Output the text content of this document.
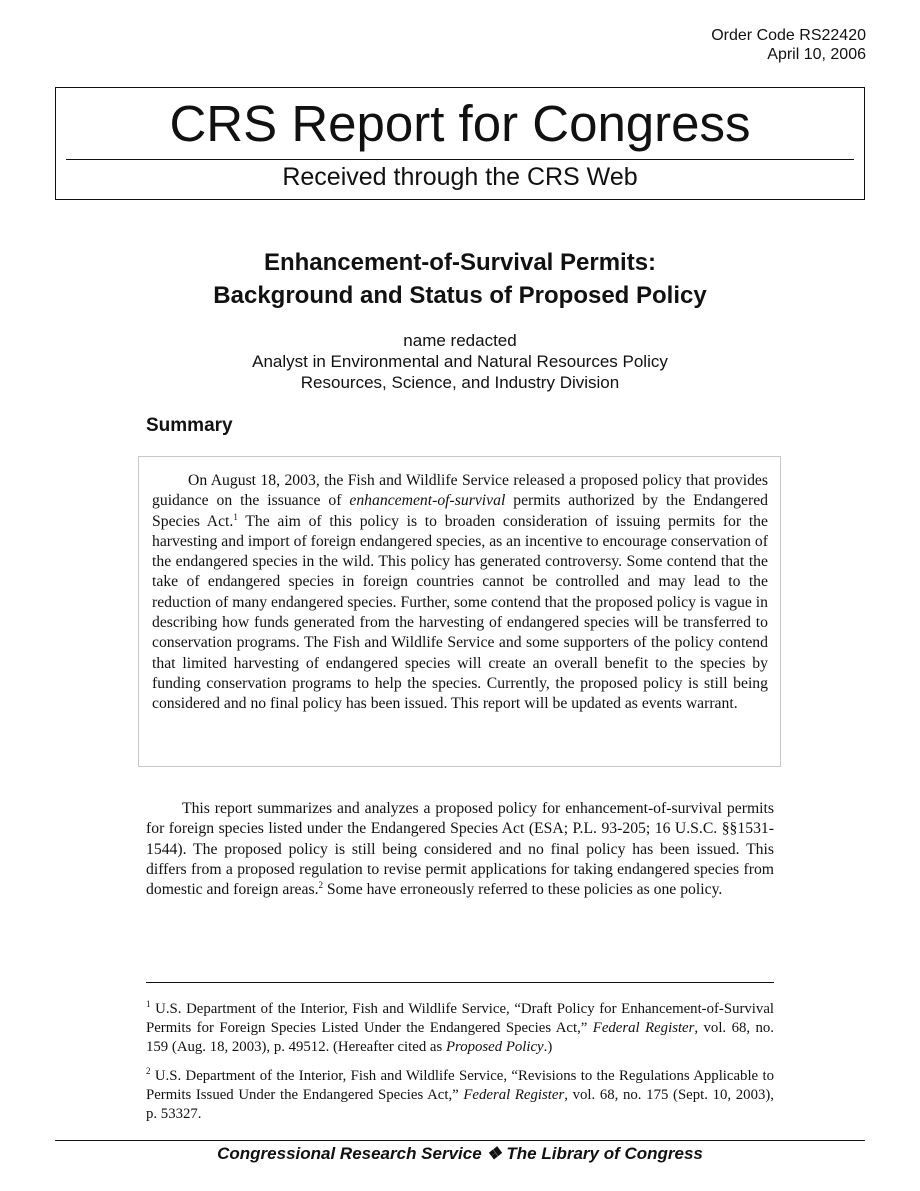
Order Code RS22420
April 10, 2006
CRS Report for Congress
Received through the CRS Web
Enhancement-of-Survival Permits:
Background and Status of Proposed Policy
name redacted
Analyst in Environmental and Natural Resources Policy
Resources, Science, and Industry Division
Summary

On August 18, 2003, the Fish and Wildlife Service released a proposed policy that provides guidance on the issuance of enhancement-of-survival permits authorized by the Endangered Species Act.$^1$ The aim of this policy is to broaden consideration of issuing permits for the harvesting and import of foreign endangered species, as an incentive to encourage conservation of the endangered species in the wild. This policy has generated controversy. Some contend that the take of endangered species in foreign countries cannot be controlled and may lead to the reduction of many endangered species. Further, some contend that the proposed policy is vague in describing how funds generated from the harvesting of endangered species will be transferred to conservation programs. The Fish and Wildlife Service and some supporters of the policy contend that limited harvesting of endangered species will create an overall benefit to the species by funding conservation programs to help the species. Currently, the proposed policy is still being considered and no final policy has been issued. This report will be updated as events warrant.

This report summarizes and analyzes a proposed policy for enhancement-of-survival permits for foreign species listed under the Endangered Species Act (ESA; P.L. 93-205; 16 U.S.C. §§1531-1544). The proposed policy is still being considered and no final policy has been issued. This differs from a proposed regulation to revise permit applications for taking endangered species from domestic and foreign areas.$^2$ Some have erroneously referred to these policies as one policy.

$^1$ U.S. Department of the Interior, Fish and Wildlife Service, “Draft Policy for Enhancement-of-Survival Permits for Foreign Species Listed Under the Endangered Species Act,” Federal Register, vol. 68, no. 159 (Aug. 18, 2003), p. 49512. (Hereafter cited as Proposed Policy.)

$^2$ U.S. Department of the Interior, Fish and Wildlife Service, “Revisions to the Regulations Applicable to Permits Issued Under the Endangered Species Act,” Federal Register, vol. 68, no. 175 (Sept. 10, 2003), p. 53327.

Congressional Research Service ❖ The Library of Congress
